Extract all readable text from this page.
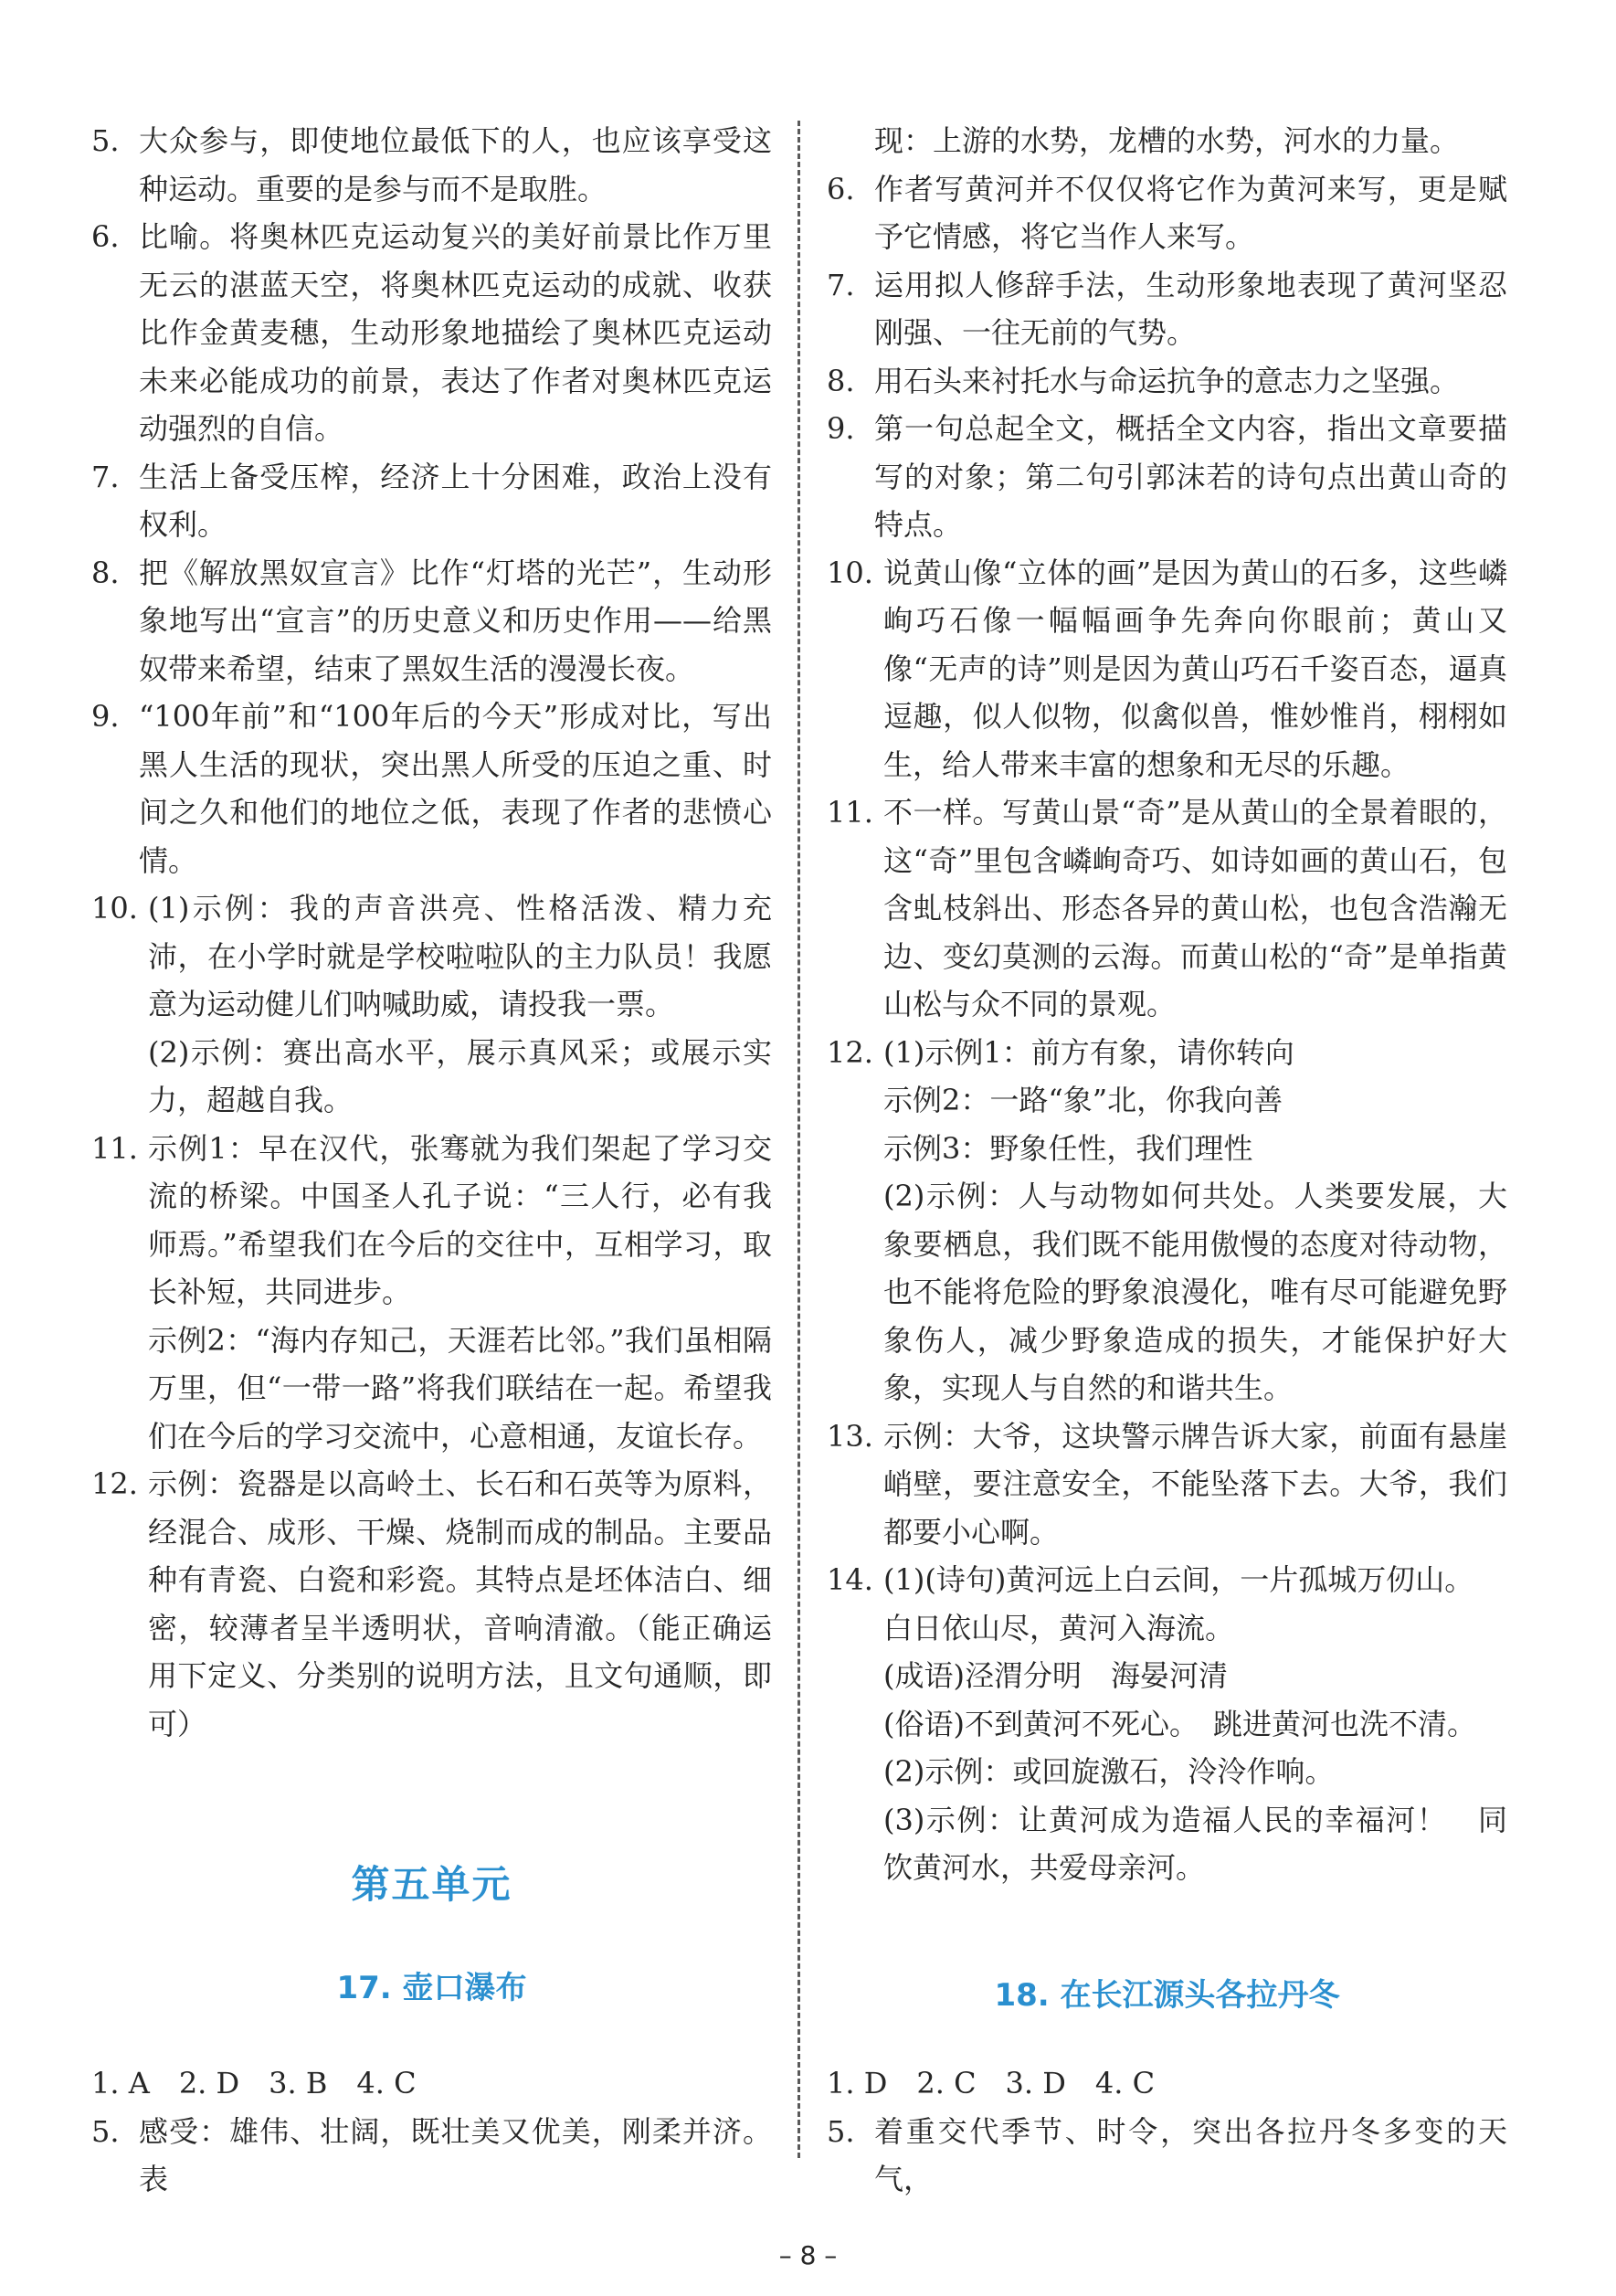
5. 大众参与，即使地位最低下的人，也应该享受这种运动。重要的是参与而不是取胜。
6. 比喻。将奥林匹克运动复兴的美好前景比作万里无云的湛蓝天空，将奥林匹克运动的成就、收获比作金黄麦穗，生动形象地描绘了奥林匹克运动未来必能成功的前景，表达了作者对奥林匹克运动强烈的自信。
7. 生活上备受压榨，经济上十分困难，政治上没有权利。
8. 把《解放黑奴宣言》比作“灯塔的光芒”，生动形象地写出“宣言”的历史意义和历史作用——给黑奴带来希望，结束了黑奴生活的漫漫长夜。
9. “100年前”和“100年后的今天”形成对比，写出黑人生活的现状，突出黑人所受的压迫之重、时间之久和他们的地位之低，表现了作者的悲愤心情。
10. (1)示例：我的声音洪亮、性格活泼、精力充沛，在小学时就是学校啦啦队的主力队员！我愿意为运动健儿们呐喊助威，请投我一票。

(2)示例：赛出高水平，展示真风采；或展示实力，超越自我。

11. 示例1：早在汉代，张骞就为我们架起了学习交流的桥梁。中国圣人孔子说：“三人行，必有我师焉。”希望我们在今后的交往中，互相学习，取长补短，共同进步。

示例2：“海内存知己，天涯若比邻。”我们虽相隔万里，但“一带一路”将我们联结在一起。希望我们在今后的学习交流中，心意相通，友谊长存。

12. 示例：瓷器是以高岭土、长石和石英等为原料，经混合、成形、干燥、烧制而成的制品。主要品种有青瓷、白瓷和彩瓷。其特点是坯体洁白、细密，较薄者呈半透明状，音响清澈。（能正确运用下定义、分类别的说明方法，且文句通顺，即可）
第五单元
17. 壶口瀑布
1. A　2. D　3. B　4. C
5. 感受：雄伟、壮阔，既壮美又优美，刚柔并济。表
现：上游的水势，龙槽的水势，河水的力量。
6. 作者写黄河并不仅仅将它作为黄河来写，更是赋予它情感，将它当作人来写。
7. 运用拟人修辞手法，生动形象地表现了黄河坚忍刚强、一往无前的气势。
8. 用石头来衬托水与命运抗争的意志力之坚强。
9. 第一句总起全文，概括全文内容，指出文章要描写的对象；第二句引郭沫若的诗句点出黄山奇的特点。
10. 说黄山像“立体的画”是因为黄山的石多，这些嶙峋巧石像一幅幅画争先奔向你眼前；黄山又像“无声的诗”则是因为黄山巧石千姿百态，逼真逗趣，似人似物，似禽似兽，惟妙惟肖，栩栩如生，给人带来丰富的想象和无尽的乐趣。
11. 不一样。写黄山景“奇”是从黄山的全景着眼的，这“奇”里包含嶙峋奇巧、如诗如画的黄山石，包含虬枝斜出、形态各异的黄山松，也包含浩瀚无边、变幻莫测的云海。而黄山松的“奇”是单指黄山松与众不同的景观。
12. (1)示例1：前方有象，请你转向

示例2：一路“象”北，你我向善

示例3：野象任性，我们理性

(2)示例：人与动物如何共处。人类要发展，大象要栖息，我们既不能用傲慢的态度对待动物，也不能将危险的野象浪漫化，唯有尽可能避免野象伤人，减少野象造成的损失，才能保护好大象，实现人与自然的和谐共生。

13. 示例：大爷，这块警示牌告诉大家，前面有悬崖峭壁，要注意安全，不能坠落下去。大爷，我们都要小心啊。
14. (1)(诗句)黄河远上白云间，一片孤城万仞山。

白日依山尽，黄河入海流。

(成语)泾渭分明　海晏河清

(俗语)不到黄河不死心。　跳进黄河也洗不清。

(2)示例：或回旋激石，泠泠作响。

(3)示例：让黄河成为造福人民的幸福河！　同饮黄河水，共爱母亲河。

18. 在长江源头各拉丹冬
1. D　2. C　3. D　4. C
5. 着重交代季节、时令，突出各拉丹冬多变的天气，
– 8 –
